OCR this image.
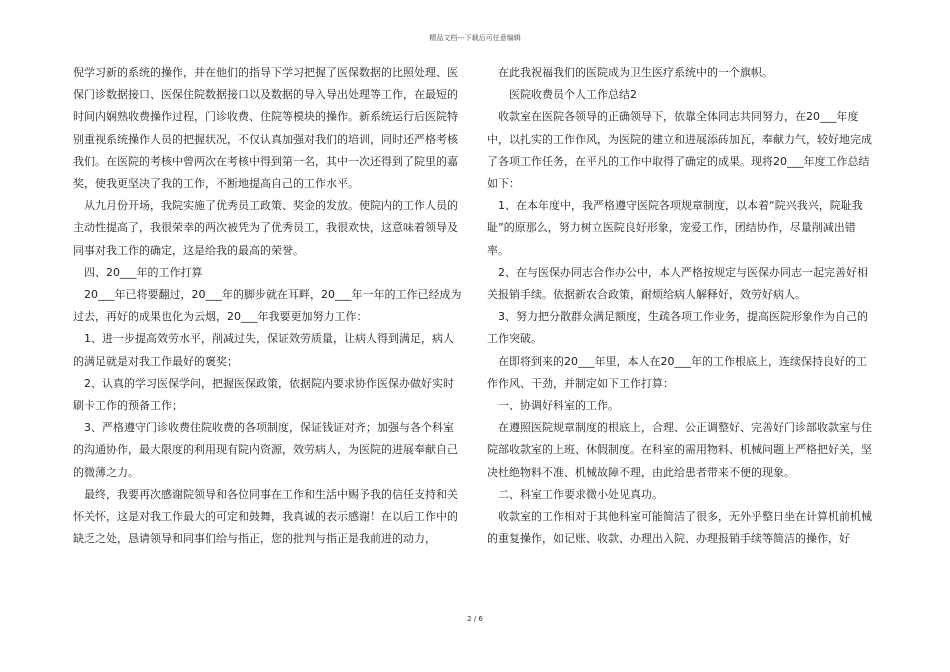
精品文档---下载后可任意编辑

倪学习新的系统的操作，并在他们的指导下学习把握了医保数据的比照处理、医保门诊数据接口、医保住院数据接口以及数据的导入导出处理等工作，在最短的时间内娴熟收费操作过程，门诊收费、住院等模块的操作。新系统运行后医院特别重视系统操作人员的把握状况，不仅认真加强对我们的培训，同时还严格考核我们。在医院的考核中曾两次在考核中得到第一名，其中一次还得到了院里的嘉奖，使我更坚决了我的工作，不断地提高自己的工作水平。

从九月份开场，我院实施了优秀员工政策、奖金的发放。使院内的工作人员的主动性提高了，我很荣幸的两次被凭为了优秀员工，我很欢快，这意味着领导及同事对我工作的确定，这是给我的最高的荣誉。

四、20___年的工作打算

20___年已将要翻过，20___年的脚步就在耳畔，20___年一年的工作已经成为过去，再好的成果也化为云烟，20___年我要更加努力工作：

1、进一步提高效劳水平，削减过失，保证效劳质量，让病人得到满足，病人的满足就是对我工作最好的褒奖；

2、认真的学习医保学问，把握医保政策，依据院内要求协作医保办做好实时刷卡工作的预备工作；

3、严格遵守门诊收费住院收费的各项制度，保证钱证对齐；加强与各个科室的沟通协作，最大限度的利用现有院内资源，效劳病人，为医院的进展奉献自己的微薄之力。

最终，我要再次感谢院领导和各位同事在工作和生活中赐予我的信任支持和关怀关怀，这是对我工作最大的可定和鼓舞，我真诚的表示感谢！在以后工作中的缺乏之处，恳请领导和同事们给与指正，您的批判与指正是我前进的动力，

在此我祝福我们的医院成为卫生医疗系统中的一个旗帜。

医院收费员个人工作总结2

收款室在医院各领导的正确领导下，依靠全体同志共同努力，在20___年度中，以扎实的工作作风，为医院的建立和进展添砖加瓦，奉献力气，较好地完成了各项工作任务，在平凡的工作中取得了确定的成果。现将20___年度工作总结如下：

1、在本年度中，我严格遵守医院各项规章制度，以本着“院兴我兴，院耻我耻”的原那么，努力树立医院良好形象，宠爱工作，团结协作，尽量削减出错率。

2、在与医保办同志合作办公中，本人严格按规定与医保办同志一起完善好相关报销手续。依据新农合政策，耐烦给病人解释好，效劳好病人。

3、努力把分散群众满足额度，生疏各项工作业务，提高医院形象作为自己的工作突破。

在即将到来的20___年里，本人在20___年的工作根底上，连续保持良好的工作作风、干劲，并制定如下工作打算：

一、协调好科室的工作。

在遵照医院规章制度的根底上，合理、公正调整好、完善好门诊部收款室与住院部收款室的上班、休假制度。在科室的需用物料、机械问题上严格把好关，坚决杜绝物料不准、机械故障不理，由此给患者带来不便的现象。

二、科室工作要求微小处见真功。

收款室的工作相对于其他科室可能简洁了很多，无外乎整日坐在计算机前机械的重复操作，如记账、收款、办理出入院、办理报销手续等简洁的操作，好

2 / 6
